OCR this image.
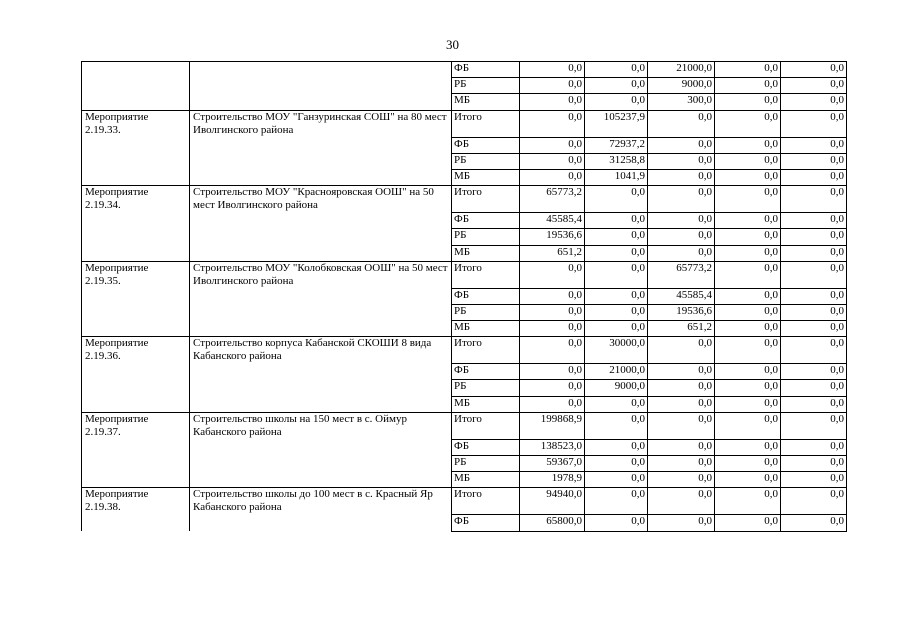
30
		ФБ	0,0	0,0	21000,0	0,0	0,0
		РБ	0,0	0,0	9000,0	0,0	0,0
		МБ	0,0	0,0	300,0	0,0	0,0
Мероприятие 2.19.33.	Строительство МОУ "Ганзуринская СОШ" на 80 мест Иволгинского района	Итого	0,0	105237,9	0,0	0,0	0,0
		ФБ	0,0	72937,2	0,0	0,0	0,0
		РБ	0,0	31258,8	0,0	0,0	0,0
		МБ	0,0	1041,9	0,0	0,0	0,0
Мероприятие 2.19.34.	Строительство МОУ "Краснояровская ООШ" на 50 мест Иволгинского района	Итого	65773,2	0,0	0,0	0,0	0,0
		ФБ	45585,4	0,0	0,0	0,0	0,0
		РБ	19536,6	0,0	0,0	0,0	0,0
		МБ	651,2	0,0	0,0	0,0	0,0
Мероприятие 2.19.35.	Строительство МОУ "Колобковская ООШ" на 50 мест Иволгинского района	Итого	0,0	0,0	65773,2	0,0	0,0
		ФБ	0,0	0,0	45585,4	0,0	0,0
		РБ	0,0	0,0	19536,6	0,0	0,0
		МБ	0,0	0,0	651,2	0,0	0,0
Мероприятие 2.19.36.	Строительство корпуса Кабанской СКОШИ 8 вида Кабанского района	Итого	0,0	30000,0	0,0	0,0	0,0
		ФБ	0,0	21000,0	0,0	0,0	0,0
		РБ	0,0	9000,0	0,0	0,0	0,0
		МБ	0,0	0,0	0,0	0,0	0,0
Мероприятие 2.19.37.	Строительство школы на 150 мест в с. Оймур Кабанского района	Итого	199868,9	0,0	0,0	0,0	0,0
		ФБ	138523,0	0,0	0,0	0,0	0,0
		РБ	59367,0	0,0	0,0	0,0	0,0
		МБ	1978,9	0,0	0,0	0,0	0,0
Мероприятие 2.19.38.	Строительство школы до 100 мест в с. Красный Яр Кабанского района	Итого	94940,0	0,0	0,0	0,0	0,0
		ФБ	65800,0	0,0	0,0	0,0	0,0
